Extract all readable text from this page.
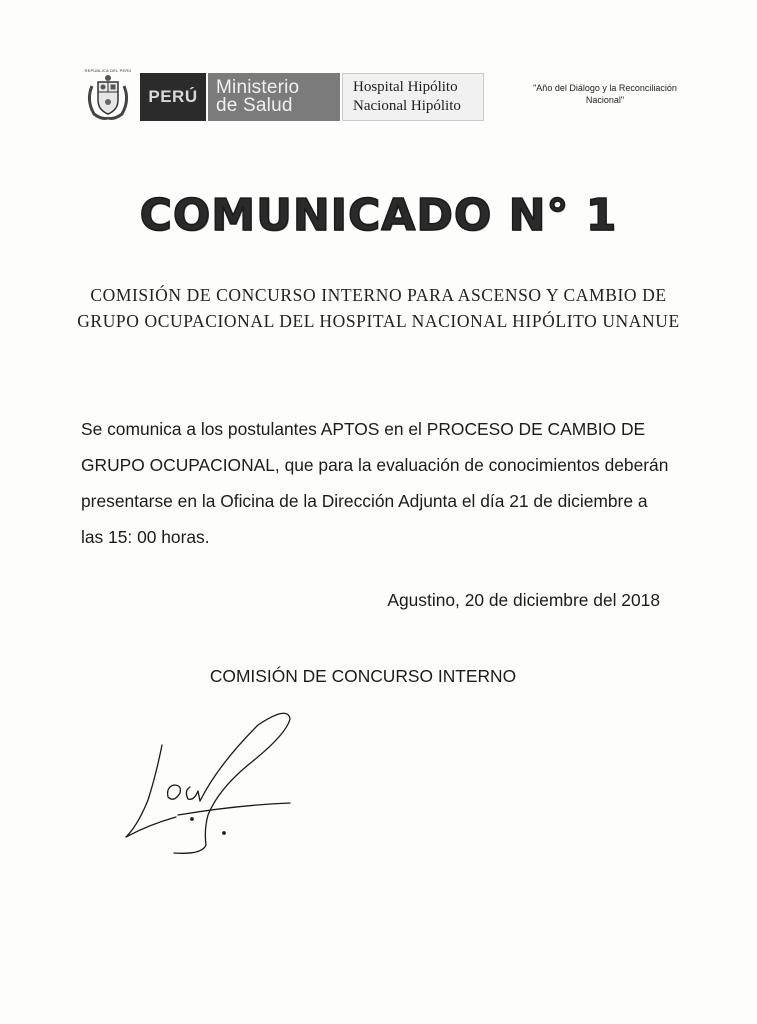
REPÚBLICA DEL PERÚ
PERÚ Ministerio
de Salud
Hospital Hipólito
Nacional Hipólito
"Año del Diálogo y la Reconciliación Nacional"
COMUNICADO N° 1
COMISIÓN DE CONCURSO INTERNO PARA ASCENSO Y CAMBIO DE
GRUPO OCUPACIONAL DEL HOSPITAL NACIONAL HIPÓLITO UNANUE
Se comunica a los postulantes APTOS en el PROCESO DE CAMBIO DE GRUPO OCUPACIONAL, que para la evaluación de conocimientos deberán presentarse en la Oficina de la Dirección Adjunta el día 21 de diciembre a las 15: 00 horas.
Agustino, 20 de diciembre del 2018
COMISIÓN DE CONCURSO INTERNO
